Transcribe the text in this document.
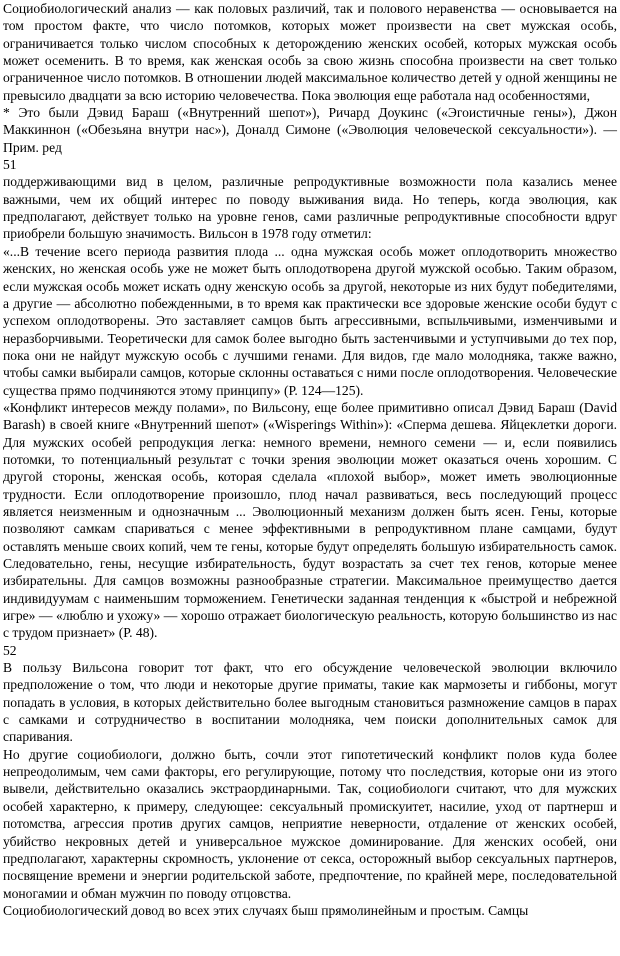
Социобиологический анализ — как половых различий, так и полового неравенства — основывается на том простом факте, что число потомков, которых может произвести на свет мужская особь, ограничивается только числом способных к деторождению женских особей, которых мужская особь может осеменить. В то время, как женская особь за свою жизнь способна произвести на свет только ограниченное число потомков. В отношении людей максимальное количество детей у одной женщины не превысило двадцати за всю историю человечества. Пока эволюция еще работала над особенностями,

* Это были Дэвид Бараш («Внутренний шепот»), Ричард Доукинс («Эгоистичные гены»), Джон Маккиннон («Обезьяна внутри нас»), Доналд Симоне («Эволюция человеческой сексуальности»). — Прим. ред

51

поддерживающими вид в целом, различные репродуктивные возможности пола казались менее важными, чем их общий интерес по поводу выживания вида. Но теперь, когда эволюция, как предполагают, действует только на уровне генов, сами различные репродуктивные способности вдруг приобрели большую значимость. Вильсон в 1978 году отметил:

«...В течение всего периода развития плода ... одна мужская особь может оплодотворить множество женских, но женская особь уже не может быть оплодотворена другой мужской особью. Таким образом, если мужская особь может искать одну женскую особь за другой, некоторые из них будут победителями, а другие — абсолютно побежденными, в то время как практически все здоровые женские особи будут с успехом оплодотворены. Это заставляет самцов быть агрессивными, вспыльчивыми, изменчивыми и неразборчивыми. Теоретически для самок более выгодно быть застенчивыми и уступчивыми до тех пор, пока они не найдут мужскую особь с лучшими генами. Для видов, где мало молодняка, также важно, чтобы самки выбирали самцов, которые склонны оставаться с ними после оплодотворения. Человеческие существа прямо подчиняются этому принципу» (Р. 124—125).

«Конфликт интересов между полами», по Вильсону, еще более примитивно описал Дэвид Бараш (David Barash) в своей книге «Внутренний шепот» («Wisperings Within»): «Сперма дешева. Яйцеклетки дороги. Для мужских особей репродукция легка: немного времени, немного семени — и, если появились потомки, то потенциальный результат с точки зрения эволюции может оказаться очень хорошим. С другой стороны, женская особь, которая сделала «плохой выбор», может иметь эволюционные трудности. Если оплодотворение произошло, плод начал развиваться, весь последующий процесс является неизменным и однозначным ... Эволюционный механизм должен быть ясен. Гены, которые позволяют самкам спариваться с менее эффективными в репродуктивном плане самцами, будут оставлять меньше своих копий, чем те гены, которые будут определять большую избирательность самок. Следовательно, гены, несущие избирательность, будут возрастать за счет тех генов, которые менее избирательны. Для самцов возможны разнообразные стратегии. Максимальное преимущество дается индивидуумам с наименьшим торможением. Генетически заданная тенденция к «быстрой и небрежной игре» — «люблю и ухожу» — хорошо отражает биологическую реальность, которую большинство из нас с трудом признает» (Р. 48).

52

В пользу Вильсона говорит тот факт, что его обсуждение человеческой эволюции включило предположение о том, что люди и некоторые другие приматы, такие как мармозеты и гиббоны, могут попадать в условия, в которых действительно более выгодным становиться размножение самцов в парах с самками и сотрудничество в воспитании молодняка, чем поиски дополнительных самок для спаривания.

Но другие социобиологи, должно быть, сочли этот гипотетический конфликт полов куда более непреодолимым, чем сами факторы, его регулирующие, потому что последствия, которые они из этого вывели, действительно оказались экстраординарными. Так, социобиологи считают, что для мужских особей характерно, к примеру, следующее: сексуальный промискуитет, насилие, уход от партнерш и потомства, агрессия против других самцов, неприятие неверности, отдаление от женских особей, убийство некровных детей и универсальное мужское доминирование. Для женских особей, они предполагают, характерны скромность, уклонение от секса, осторожный выбор сексуальных партнеров, посвящение времени и энергии родительской заботе, предпочтение, по крайней мере, последовательной моногамии и обман мужчин по поводу отцовства.

Социобиологический довод во всех этих случаях быш прямолинейным и простым. Самцы
